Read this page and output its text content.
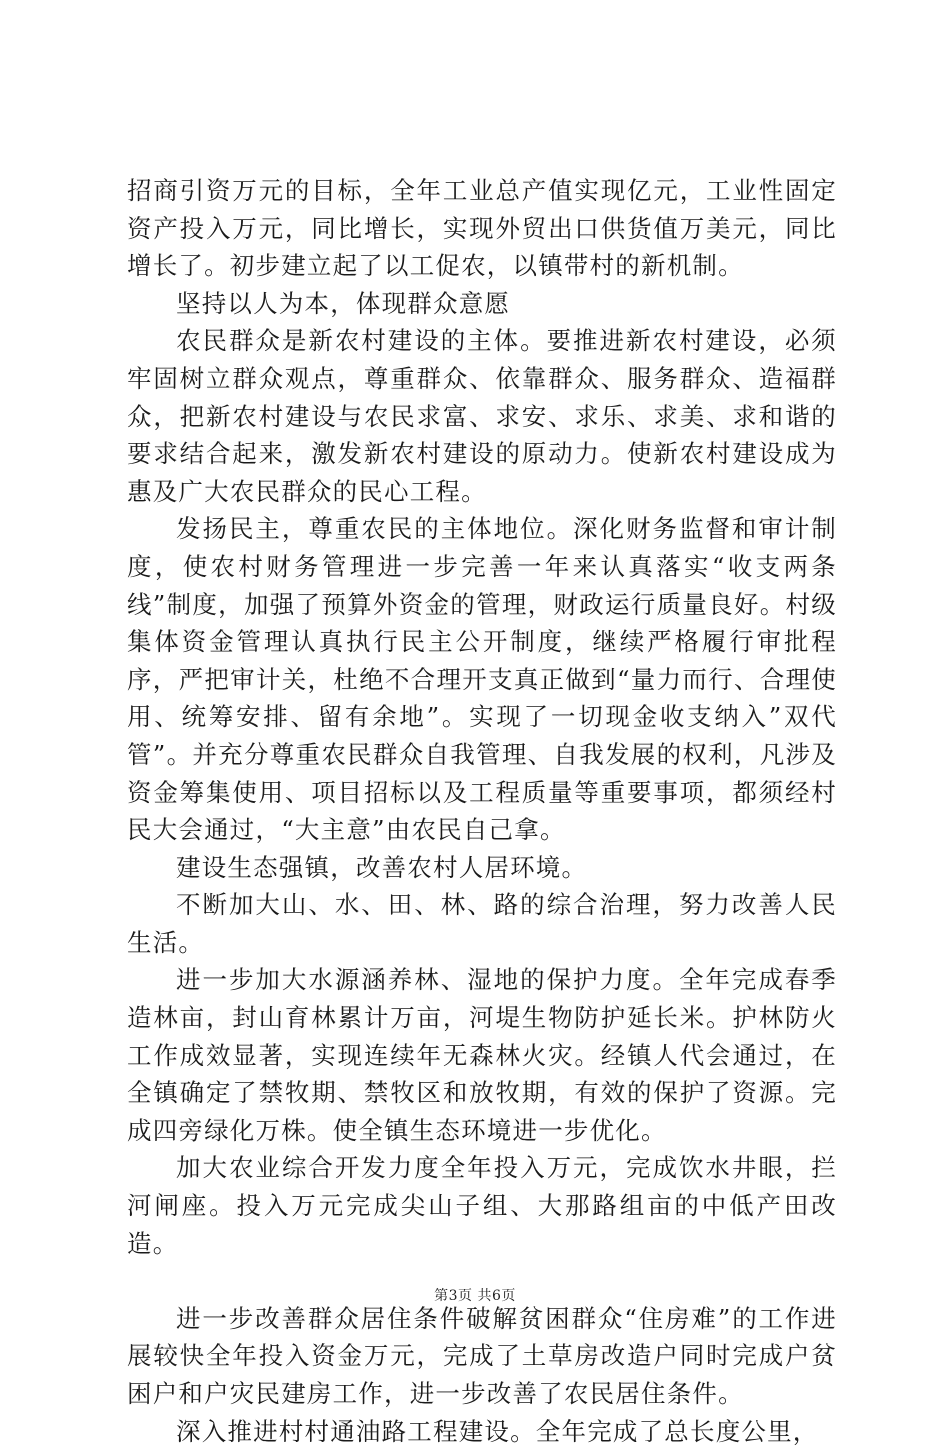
招商引资万元的目标，全年工业总产值实现亿元，工业性固定资产投入万元，同比增长，实现外贸出口供货值万美元，同比增长了。初步建立起了以工促农，以镇带村的新机制。

坚持以人为本，体现群众意愿

农民群众是新农村建设的主体。要推进新农村建设，必须牢固树立群众观点，尊重群众、依靠群众、服务群众、造福群众，把新农村建设与农民求富、求安、求乐、求美、求和谐的要求结合起来，激发新农村建设的原动力。使新农村建设成为惠及广大农民群众的民心工程。

发扬民主，尊重农民的主体地位。深化财务监督和审计制度，使农村财务管理进一步完善一年来认真落实“收支两条线”制度，加强了预算外资金的管理，财政运行质量良好。村级集体资金管理认真执行民主公开制度，继续严格履行审批程序，严把审计关，杜绝不合理开支真正做到“量力而行、合理使用、统筹安排、留有余地”。实现了一切现金收支纳入”双代管”。并充分尊重农民群众自我管理、自我发展的权利，凡涉及资金筹集使用、项目招标以及工程质量等重要事项，都须经村民大会通过，“大主意”由农民自己拿。

建设生态强镇，改善农村人居环境。

不断加大山、水、田、林、路的综合治理，努力改善人民生活。

进一步加大水源涵养林、湿地的保护力度。全年完成春季造林亩，封山育林累计万亩，河堤生物防护延长米。护林防火工作成效显著，实现连续年无森林火灾。经镇人代会通过，在全镇确定了禁牧期、禁牧区和放牧期，有效的保护了资源。完成四旁绿化万株。使全镇生态环境进一步优化。

加大农业综合开发力度全年投入万元，完成饮水井眼，拦河闸座。投入万元完成尖山子组、大那路组亩的中低产田改造。

进一步改善群众居住条件破解贫困群众“住房难”的工作进展较快全年投入资金万元，完成了土草房改造户同时完成户贫困户和户灾民建房工作，进一步改善了农民居住条件。

深入推进村村通油路工程建设。全年完成了总长度公里，

第3页 共6页
